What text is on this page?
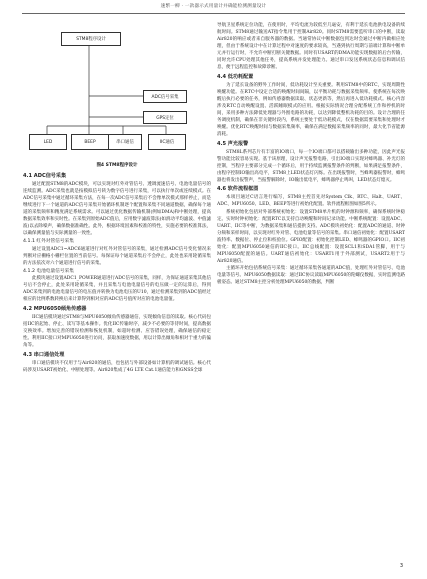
速繁一柳 · 一款器示式用量计并确能检测测量设计
STM8程序设计
ADC信号采集
GPS定位
LED	BEEP	串口通信	IIC通信
图4 STM8程序设计
4.1 ADC信号采集

通过配置STM8的ADC模块，可以实现对红外对管信号、透调流速信号、电池电量信号的连续监测。ADC采集也就是按模拟信号转为数字信号进行采集，可以执行单次或连续模式。在ADC信号采集中通过循环采集方法，在每一次ADC信号采集后不会像单次模式那样停止，而是继续进行下一个通道的ADC信号采集开始循环机制逐个配置和采集不同通道数据，确保每个通道的采集频率和精度满足系统需求。可以通过优化数据传输机制(例如DMA)和中断处理，提高数据采集效率和实时性。在采集到原始ADC值后，应用数字滤波算法(如滑动平均滤波、中值滤波)以去除噪声，确保数据准确性。此外，根据环境因素和校准的特性，实施必要的校准算法，以确保测量值与实际测量的一致性。

4.1.1 红外对管信号采集

通过设置ADC1~ADC6通道进行对红外对管信号的采集，通过检测ADC信号变化情况来判断对应栅格小栅栏位置的当前信号。每保证每个通道采集后不会停止，此处也采用轮循采集的方法依次对六个通道进行信号的采集。

4.1.2 电池电量信号采集

此模块通过设置ADC1_POWER通道进行ADC信号的采集，同样，为保证通道采集其他信号后不会停止，此处采用轮循采集，并且采集与电池电量信号的电压做一定的运算后，得到ADC采集到的电池电量信号的电压值并转换为电池电压的U10，通过检测采集到的ADC值经过相应的比例系数转换后来计算得到相对应的ADC信号值所对应的电池电量值。

4.2 MPU6050倾角传感器

IIC通信模块通过STM8与MPU6050倾角传感器通信，实现倾角信息的读取。核心代码包括IIC的起始、停止、读写等基本操作。优化IIC传输时序，减少不必要的等待时间，提高数据交换效率。增加完善的错误检测和恢复机制，如超时检测、应答错误处理，确保通信的稳定性。利用IIC接口对MPU6050进行访问，获取加速度数据，用以计算出倾角和相对于重力的偏角等。

4.3 串口通信处理

串口通信模块不仅用于与Air820的通信，也包括与外部设备如计算机的调试通信。核心代码涉及USART初始化、中断处理等。Air820集成了4G LTE Cat.1通信能力和GNSS全球

导航卫星系统定位功能，在使用时，平均电流为较低至几毫安，有利于延长电池供电设备的续航时间。STM8通过输送AT指令集用于控制Air820。同时STM8需要监听串口的中断，读取Air820的响应或者来自服务器的数据。当通常协议中断数据包到达时会通过中断内做相应处理，但由于系统设计中在计算过程中对速度的要求较高，当遇到执行周期与前端计算和中断单元并行运行时，不允许中断打断关键数据。同时有USART的DMA功能实现数据的后台传输，同时允许CPU处理其他任务，提高系统并发处理能力。通过串口发送系统状态信息和调试信息，便于远程监控和故障诊断。

4.4 低功耗配置

为了延长设备的野外工作时间，低功耗设计至关重要。利用STM8中的RTC，实现周期性唤醒功能。在RTC中设定合适的唤醒时间间隔，以平衡功耗与数据采集频率。使系统在每次唤醒后执行必要的任务，例如传感器数据读取、状态更新等，然后再进入低功耗模式。核心内容涉及RTC自动唤醒设置、活跃睡眠模式的应用。根据实际情况合理分配系统工作和停机的时间，采用多种方法降低处理器与外围电路的功耗，以达到降低整机功耗的目的。设计合理的任务调度机制，确保在非关键时段内，系统主要处于低功耗模式，仅在数据需要采集和处理时才唤醒。优化RTC唤醒时间与数据采集频率，确保在满足数据采集频率的同时，最大化节省能源消耗。

4.5 声光报警

STM8L系列芯片有丰富的IO端口，每一个IO端口都可以搭载输出多种功能，因此声光报警功能比较容易实现。基于该原理，设计声光报警电路，引出IO端口实现对蜂鸣器、补光灯的控制，当程序主要部分完成一个循环后，用于持续监测报警条件的判断，如果满足报警条件，由程序控制IO输出高电平，STM8上LED状态灯闪烁。在出现报警时，当蜂鸣器报警时，蜂鸣器也将发出报警声，当报警解除时，IO输出低电平，蜂鸣器停止鸣叫，LED状态灯熄灭。

4.6 软件流程框图

本项目通过C语言进行编写，STM8主控首先对System_Clk、RTC、Halt、UART、ADC、MPU6050、LED、BEEP等进行初始化配置。软件流程框图如图5所示。

系统初始化包括对外部系统初始化：设置STM8单片机的时钟源和频率，确保系统时钟稳定。实时时钟初始化：配置RTC以支持自动唤醒和时间记录功能。中断系统配置：设置ADC、UART、IIC等中断，为数据采集和通信提供支持。ADC模块初始化：配置ADC的通道、时钟分频和采样时间，以实现对红外对管、电池电量等信号的采集。串口通信初始化：配置USART波特率、数据位、停止位和校验位。GPIO配置：初始化控制LED、蜂鸣器的GPIO口。IIC初始化：配置MPU6050通信的IIC接口。IIC总线配置：设置SCL1和SDA1管脚，用于与MPU6050配置的通信。UART通信初始化：USART1用于外部测试，USART2用于与Air820通信。

主循环开始包括系统信号采集：通过循环采集各通道的ADC值，处理红外对管信号、电池电量等信号。MPU6050数据读取：通过IIC协议读取MPU6050的陀螺仪数据，实时监测电路板姿态。通过STM8主控分析处理MPU6050的数据，判断

3
